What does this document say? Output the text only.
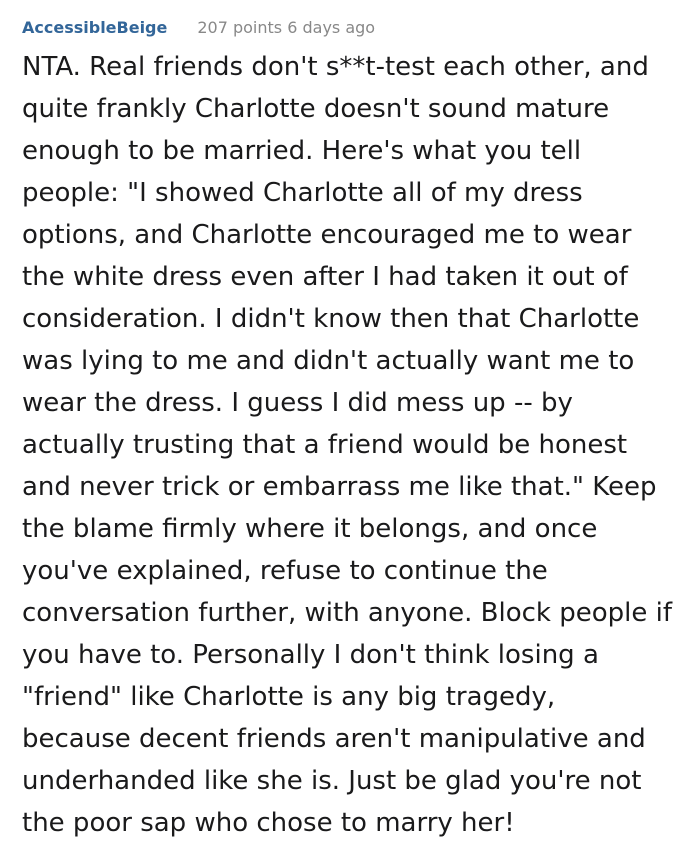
AccessibleBeige 207 points 6 days ago

NTA. Real friends don't s**t-test each other, and quite frankly Charlotte doesn't sound mature enough to be married. Here's what you tell people: "I showed Charlotte all of my dress options, and Charlotte encouraged me to wear the white dress even after I had taken it out of consideration. I didn't know then that Charlotte was lying to me and didn't actually want me to wear the dress. I guess I did mess up -- by actually trusting that a friend would be honest and never trick or embarrass me like that." Keep the blame firmly where it belongs, and once you've explained, refuse to continue the conversation further, with anyone. Block people if you have to. Personally I don't think losing a "friend" like Charlotte is any big tragedy, because decent friends aren't manipulative and underhanded like she is. Just be glad you're not the poor sap who chose to marry her!
